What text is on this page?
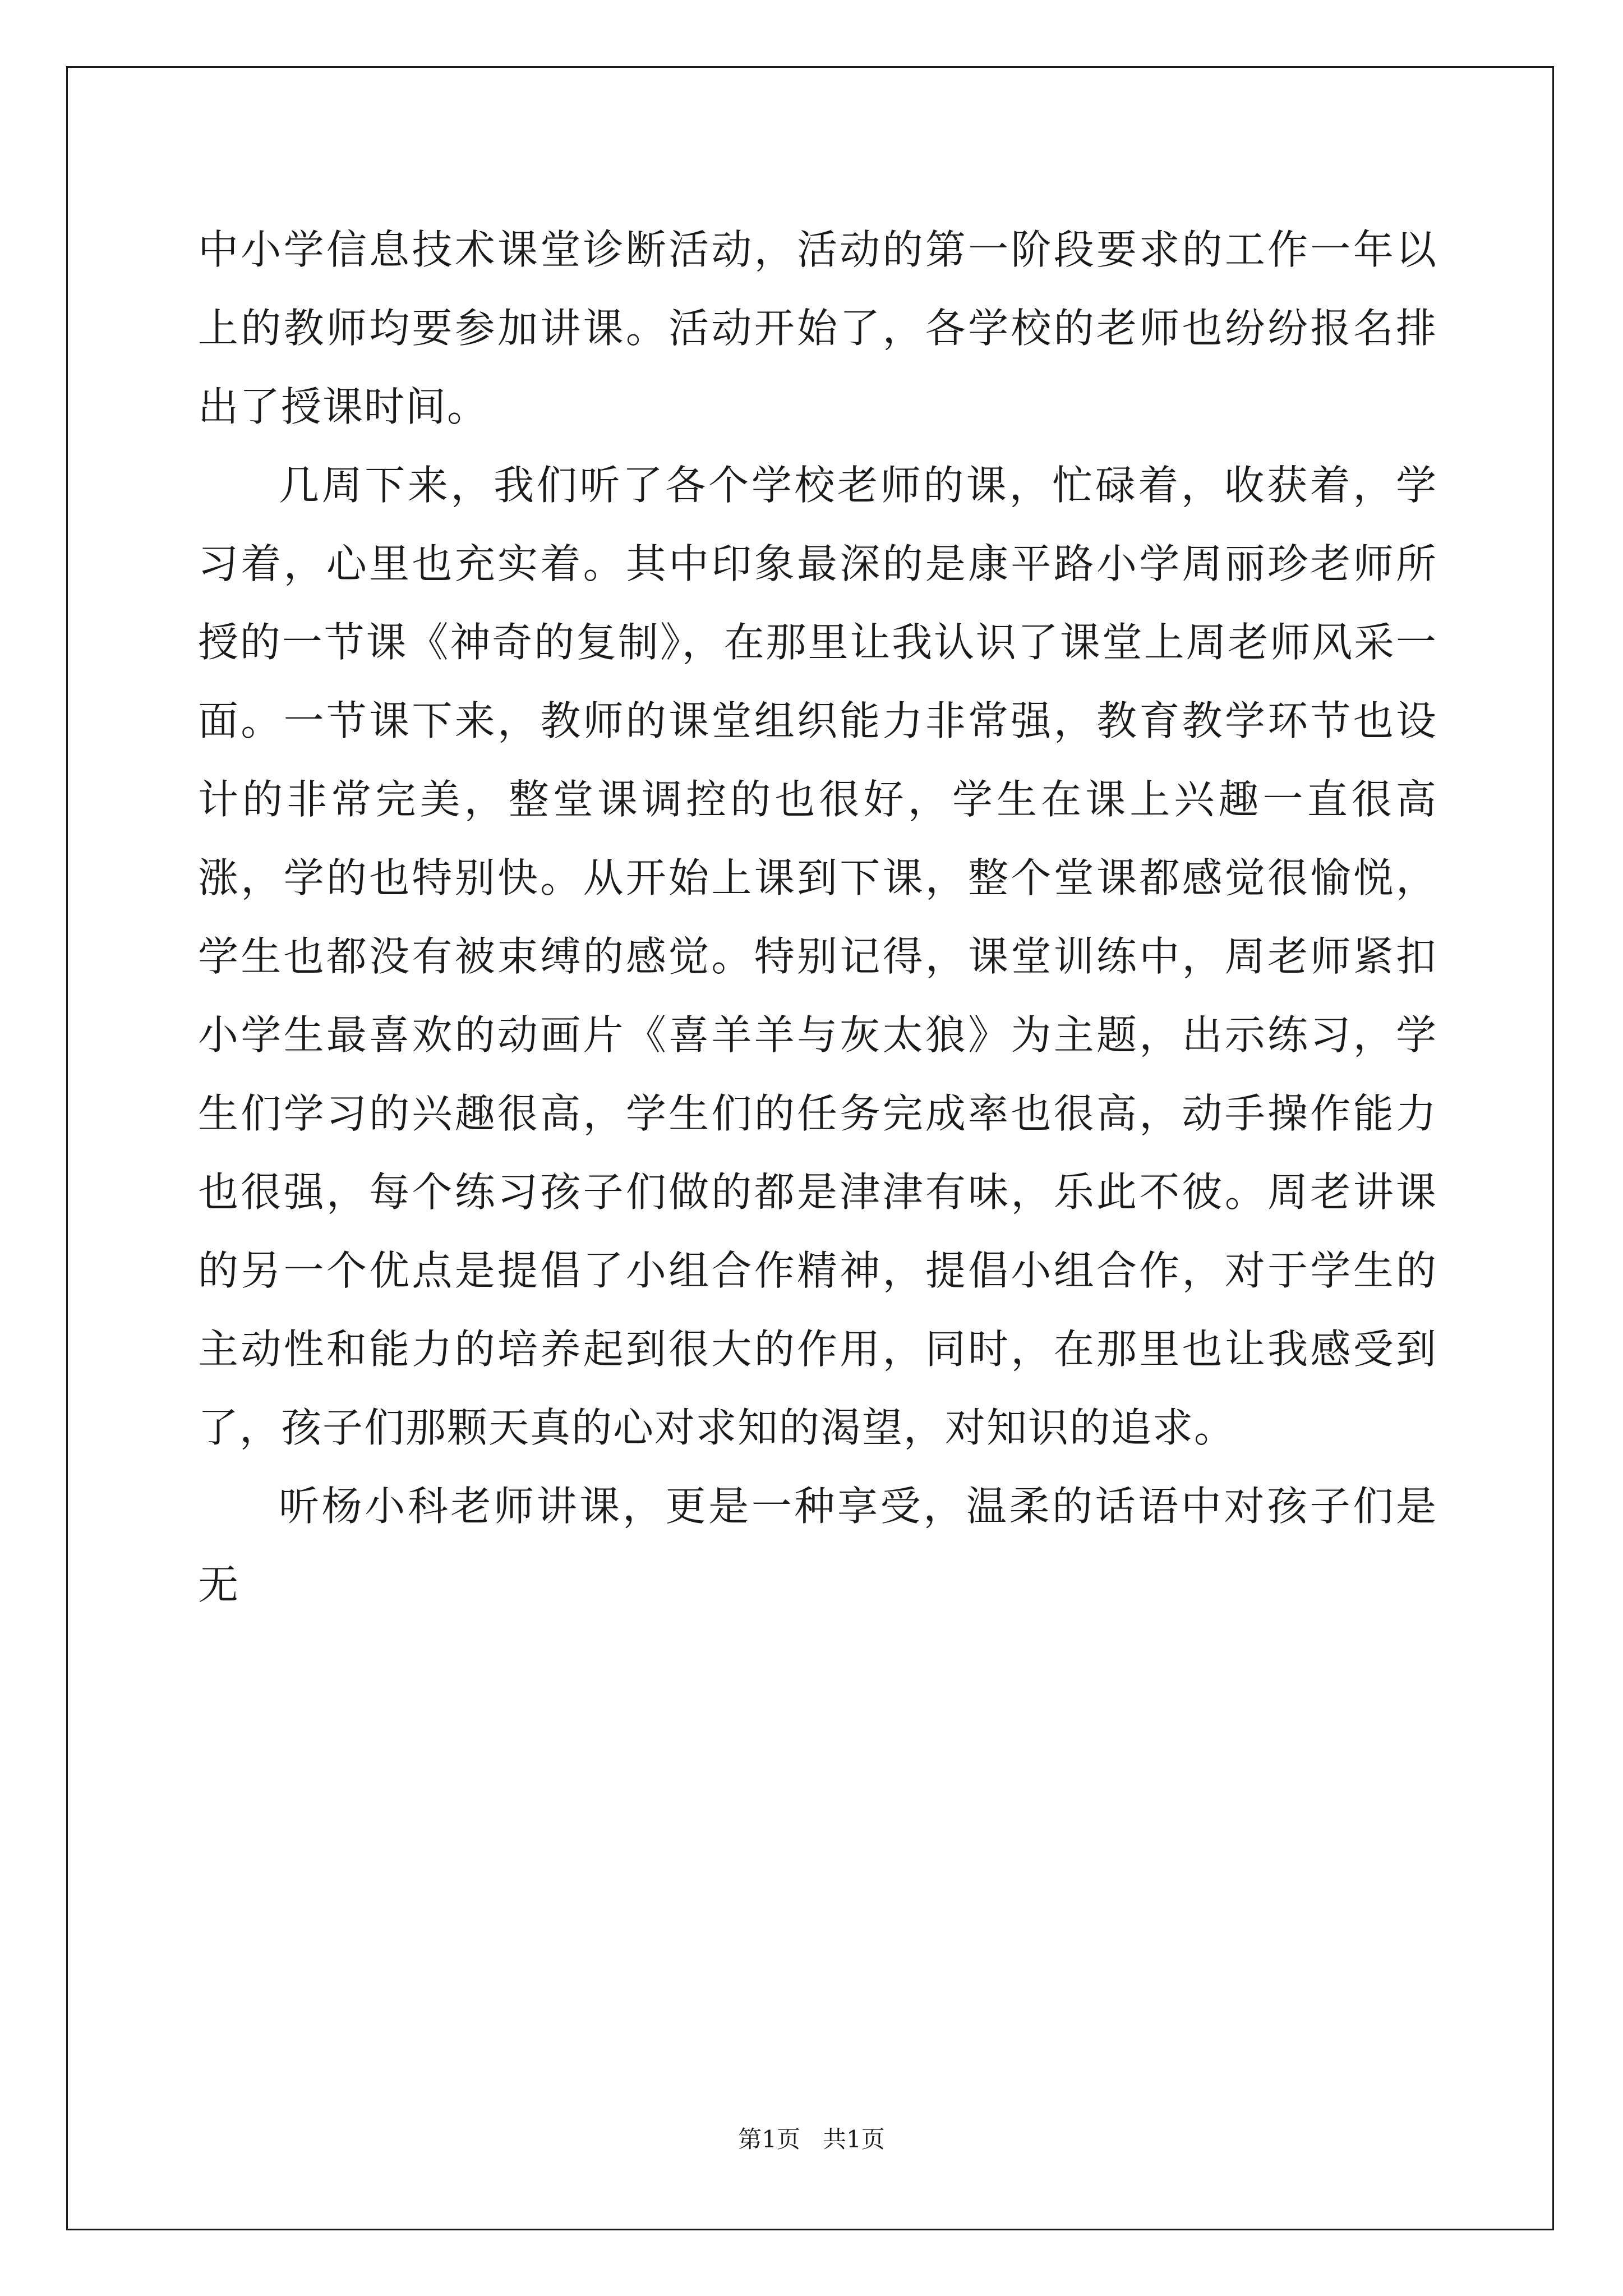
中小学信息技术课堂诊断活动，活动的第一阶段要求的工作一年以上的教师均要参加讲课。活动开始了，各学校的老师也纷纷报名排出了授课时间。

几周下来，我们听了各个学校老师的课，忙碌着，收获着，学习着，心里也充实着。其中印象最深的是康平路小学周丽珍老师所授的一节课《神奇的复制》，在那里让我认识了课堂上周老师风采一面。一节课下来，教师的课堂组织能力非常强，教育教学环节也设计的非常完美，整堂课调控的也很好，学生在课上兴趣一直很高涨，学的也特别快。从开始上课到下课，整个堂课都感觉很愉悦，学生也都没有被束缚的感觉。特别记得，课堂训练中，周老师紧扣小学生最喜欢的动画片《喜羊羊与灰太狼》为主题，出示练习，学生们学习的兴趣很高，学生们的任务完成率也很高，动手操作能力也很强，每个练习孩子们做的都是津津有味，乐此不彼。周老讲课的另一个优点是提倡了小组合作精神，提倡小组合作，对于学生的主动性和能力的培养起到很大的作用，同时，在那里也让我感受到了，孩子们那颗天真的心对求知的渴望，对知识的追求。

听杨小科老师讲课，更是一种享受，温柔的话语中对孩子们是无

第1页   共1页
